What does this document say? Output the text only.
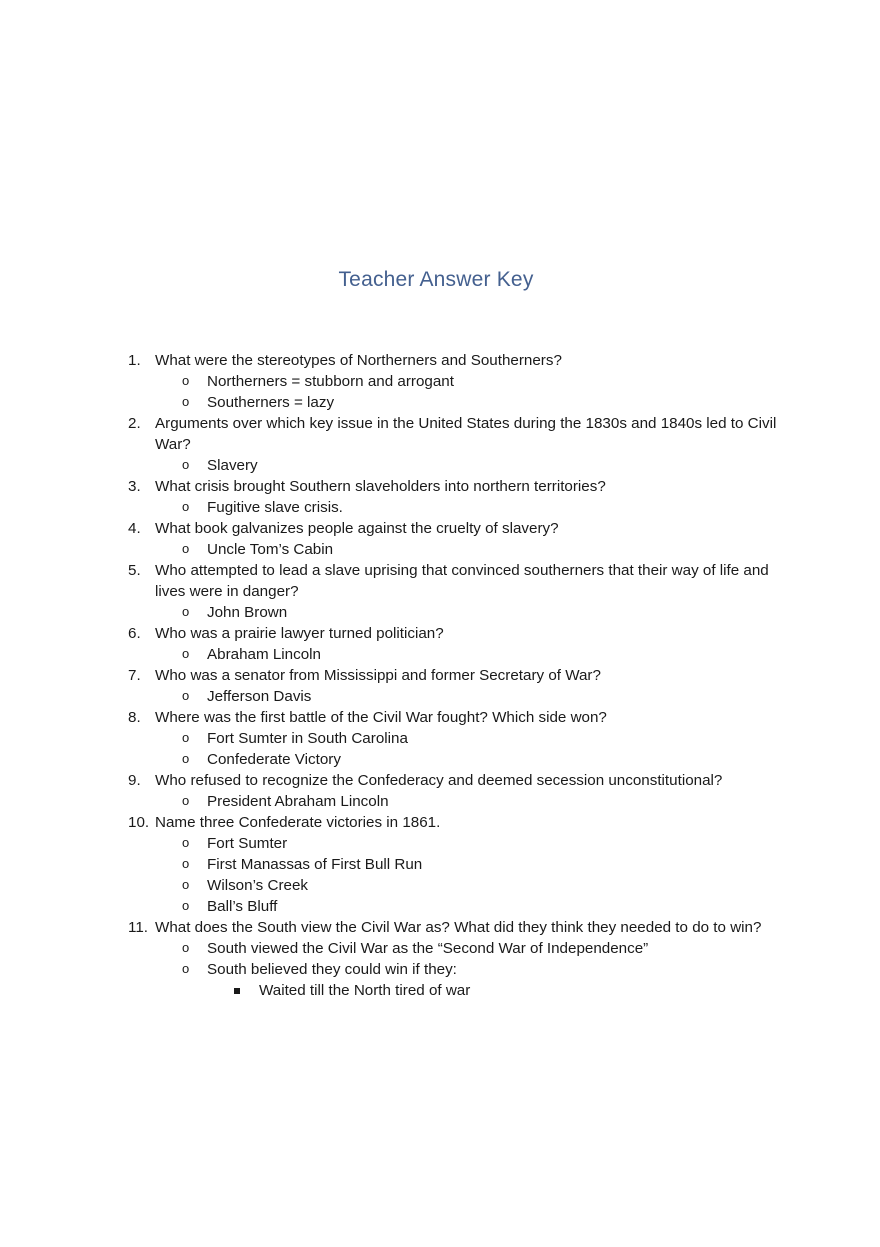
Teacher Answer Key
1. What were the stereotypes of Northerners and Southerners?
o Northerners = stubborn and arrogant
o Southerners = lazy
2. Arguments over which key issue in the United States during the 1830s and 1840s led to Civil War?
o Slavery
3. What crisis brought Southern slaveholders into northern territories?
o Fugitive slave crisis.
4. What book galvanizes people against the cruelty of slavery?
o Uncle Tom’s Cabin
5. Who attempted to lead a slave uprising that convinced southerners that their way of life and lives were in danger?
o John Brown
6. Who was a prairie lawyer turned politician?
o Abraham Lincoln
7. Who was a senator from Mississippi and former Secretary of War?
o Jefferson Davis
8. Where was the first battle of the Civil War fought? Which side won?
o Fort Sumter in South Carolina
o Confederate Victory
9. Who refused to recognize the Confederacy and deemed secession unconstitutional?
o President Abraham Lincoln
10. Name three Confederate victories in 1861.
o Fort Sumter
o First Manassas of First Bull Run
o Wilson’s Creek
o Ball’s Bluff
11. What does the South view the Civil War as? What did they think they needed to do to win?
o South viewed the Civil War as the “Second War of Independence”
o South believed they could win if they:
Waited till the North tired of war
